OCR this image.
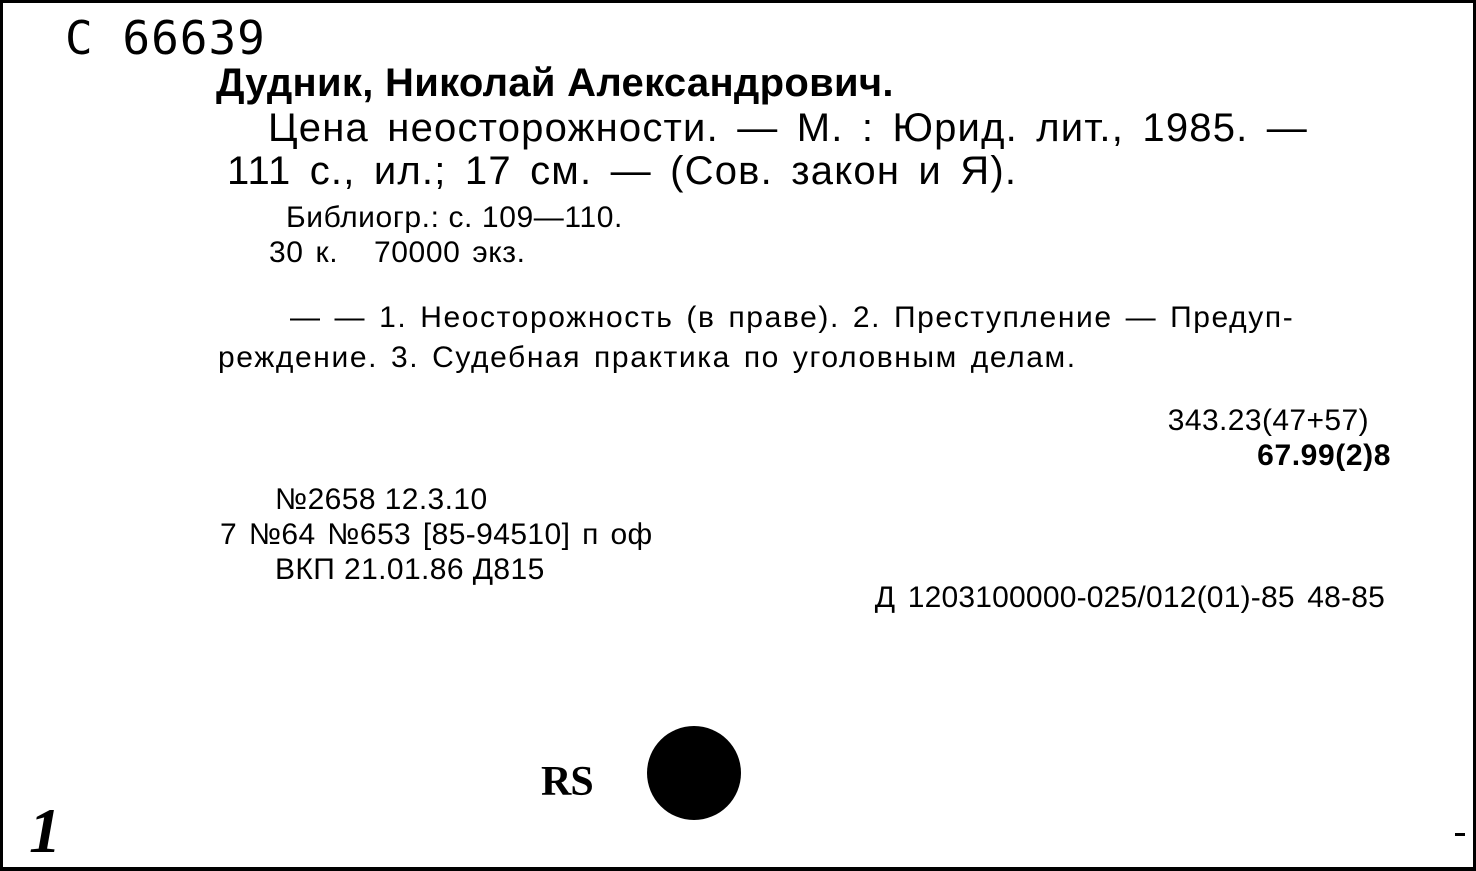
С 66639
Дудник, Николай Александрович.
Цена неосторожности. — М. : Юрид. лит., 1985. —
111 с., ил.; 17 см. — (Сов. закон и Я).
Библиогр.: с. 109—110.
30 к.   70000 экз.
— — 1. Неосторожность (в праве). 2. Преступление — Предуп-
реждение. 3. Судебная практика по уголовным делам.
343.23(47+57)
67.99(2)8
№2658 12.3.10
7 №64 №653 [85-94510] п оф
ВКП 21.01.86 Д815
Д 1203100000-025/012(01)-85 48-85
RS
1
